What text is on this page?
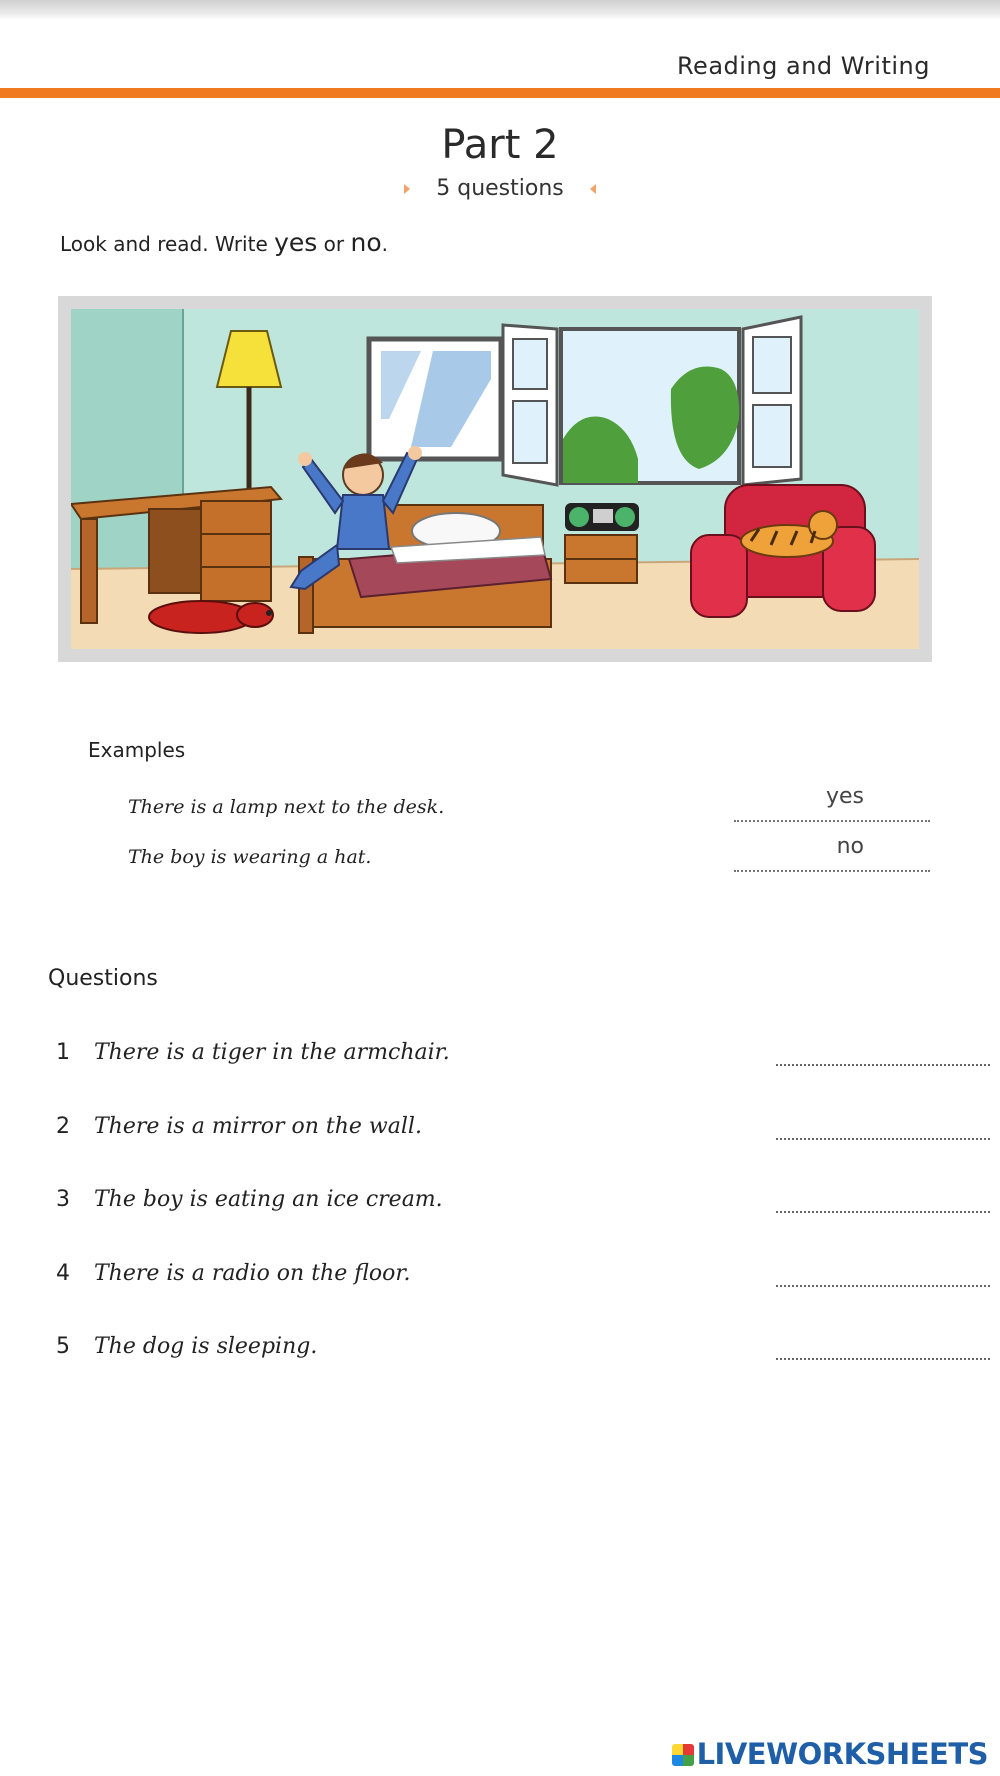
Reading and Writing
Part 2
5 questions
Look and read. Write yes or no.
Examples
There is a lamp next to the desk.	yes
The boy is wearing a hat.	no
Questions
1 There is a tiger in the armchair.
2 There is a mirror on the wall.
3 The boy is eating an ice cream.
4 There is a radio on the floor.
5 The dog is sleeping.
LIVEWORKSHEETS
